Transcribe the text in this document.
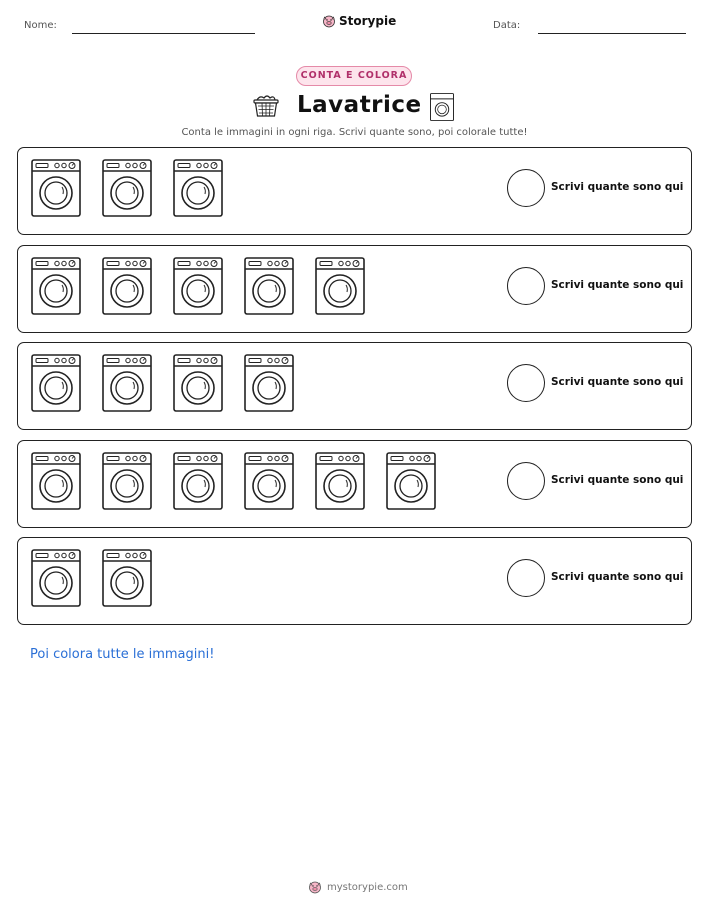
Nome:	Storypie	Data:
CONTA E COLORA
Lavatrice
Conta le immagini in ogni riga. Scrivi quante sono, poi colorale tutte!
Scrivi quante sono qui
Scrivi quante sono qui
Scrivi quante sono qui
Scrivi quante sono qui
Scrivi quante sono qui
Poi colora tutte le immagini!
mystorypie.com
